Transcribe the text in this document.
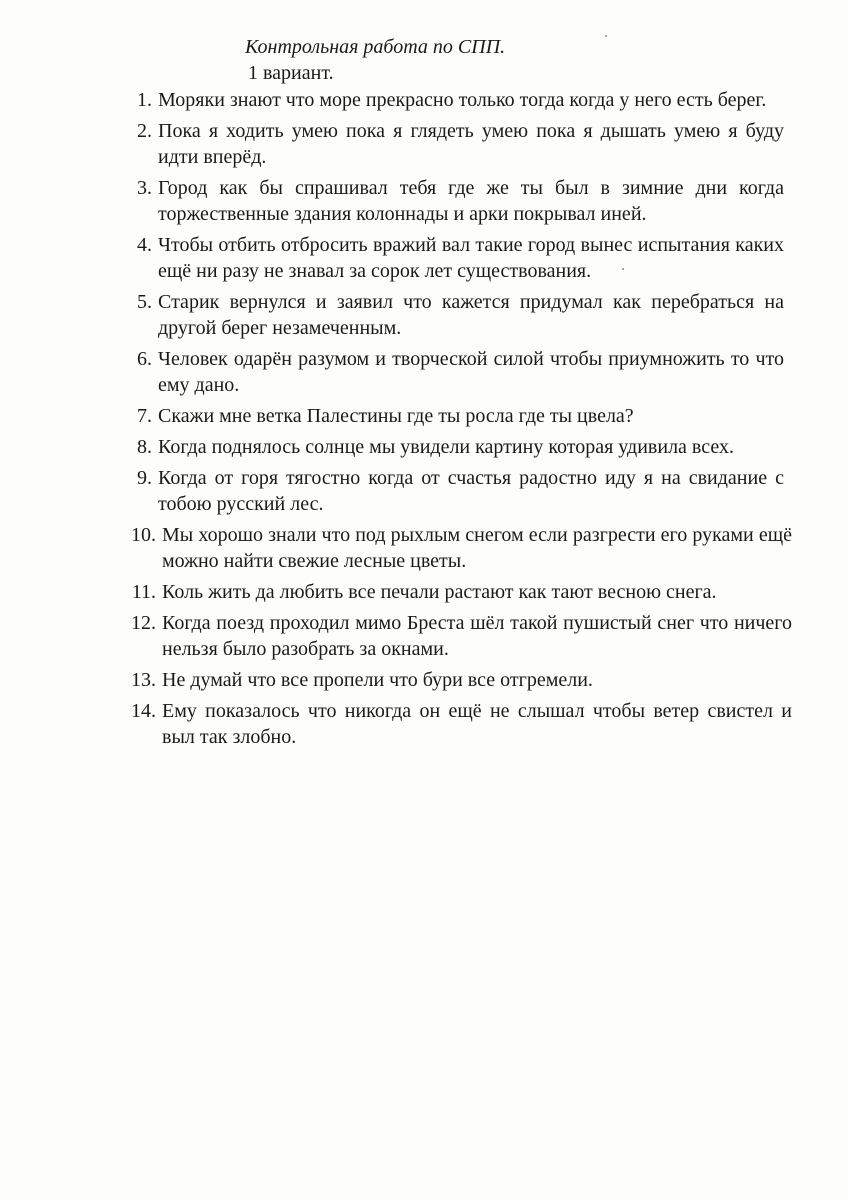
Контрольная работа по СПП.
1 вариант.
1. Моряки знают что море прекрасно только тогда когда у него есть берег.
2. Пока я ходить умею пока я глядеть умею пока я дышать умею я буду идти вперёд.
3. Город как бы спрашивал тебя где же ты был в зимние дни когда торжественные здания колоннады и арки покрывал иней.
4. Чтобы отбить отбросить вражий вал такие город вынес испытания каких ещё ни разу не знавал за сорок лет существования.
5. Старик вернулся и заявил что кажется придумал как перебраться на другой берег незамеченным.
6. Человек одарён разумом и творческой силой чтобы приумножить то что ему дано.
7. Скажи мне ветка Палестины где ты росла где ты цвела?
8. Когда поднялось солнце мы увидели картину которая удивила всех.
9. Когда от горя тягостно когда от счастья радостно иду я на свидание с тобою русский лес.
10. Мы хорошо знали что под рыхлым снегом если разгрести его руками ещё можно найти свежие лесные цветы.
11. Коль жить да любить все печали растают как тают весною снега.
12. Когда поезд проходил мимо Бреста шёл такой пушистый снег что ничего нельзя было разобрать за окнами.
13. Не думай что все пропели что бури все отгремели.
14. Ему показалось что никогда он ещё не слышал чтобы ветер свистел и выл так злобно.
